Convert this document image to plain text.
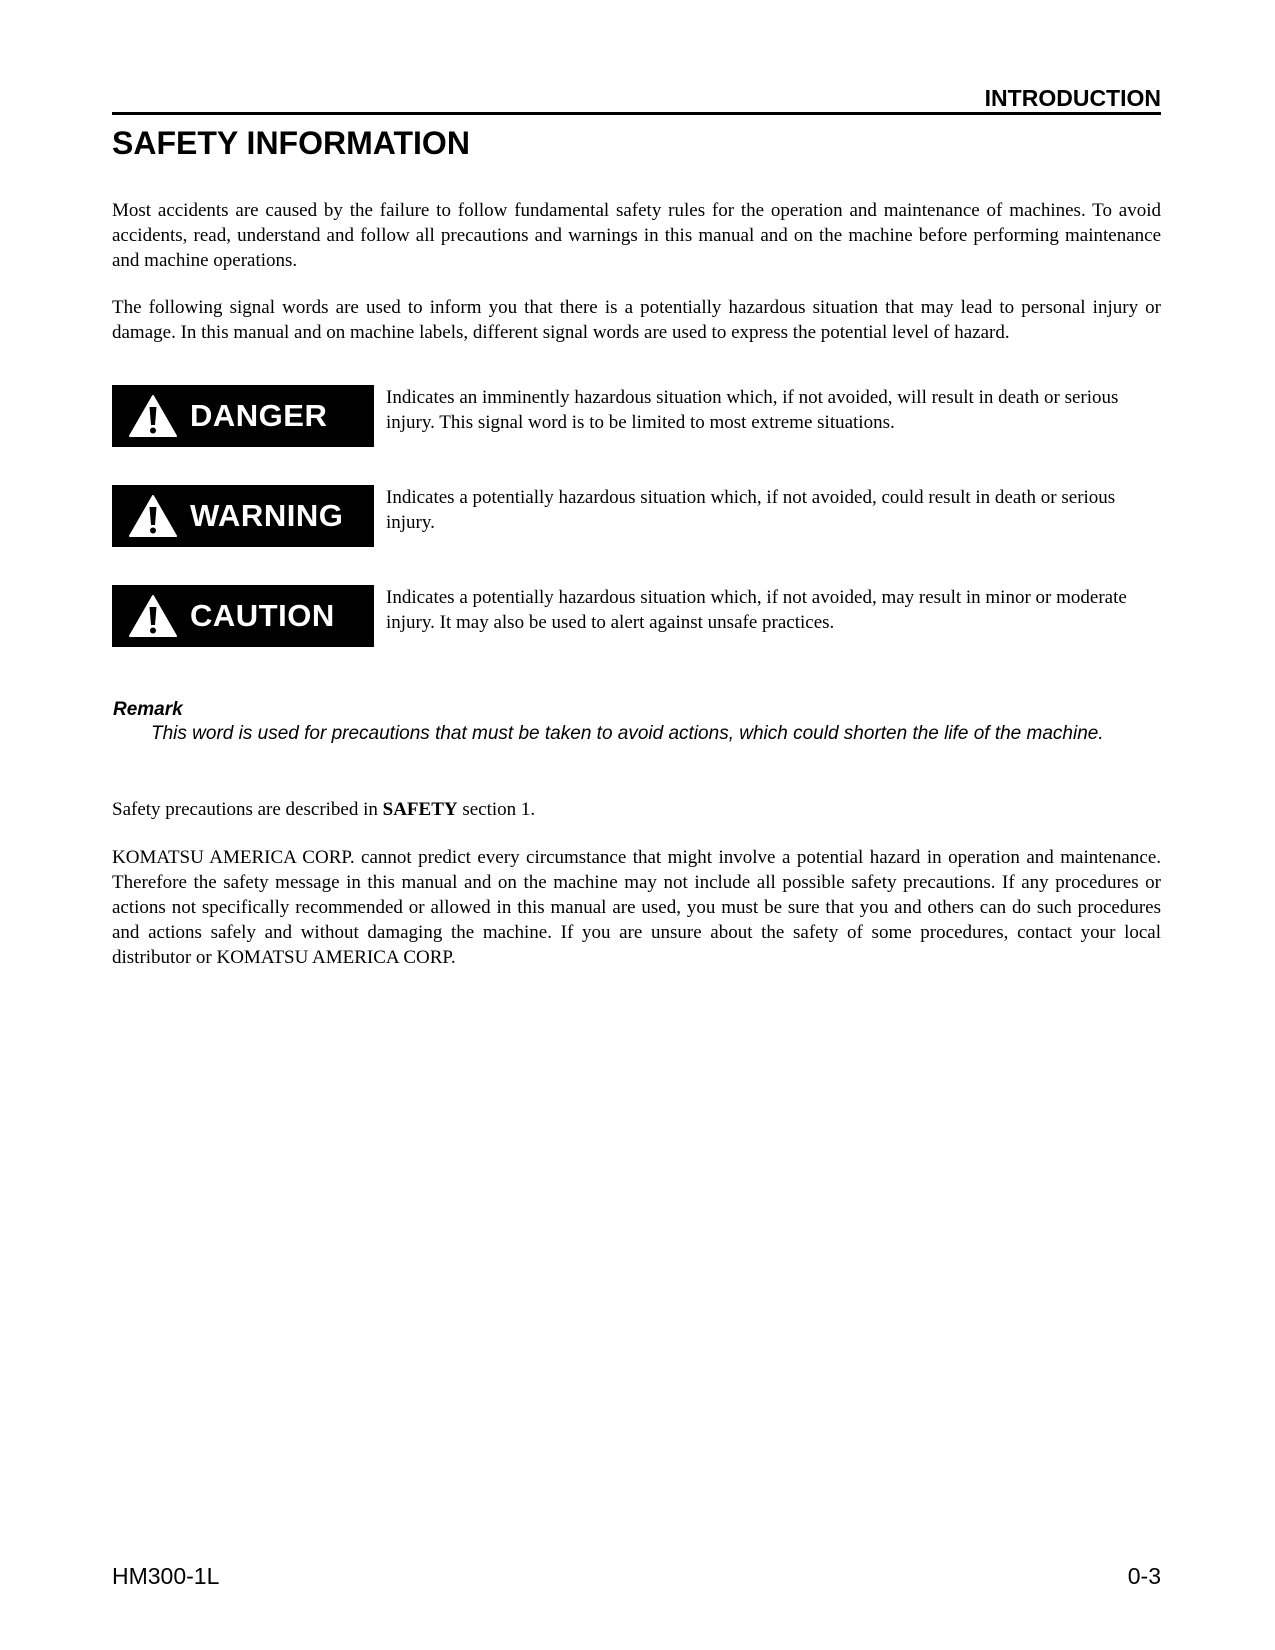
INTRODUCTION
SAFETY INFORMATION

Most accidents are caused by the failure to follow fundamental safety rules for the operation and maintenance of machines. To avoid accidents, read, understand and follow all precautions and warnings in this manual and on the machine before performing maintenance and machine operations.

The following signal words are used to inform you that there is a potentially hazardous situation that may lead to personal injury or damage. In this manual and on machine labels, different signal words are used to express the potential level of hazard.

DANGER

Indicates an imminently hazardous situation which, if not avoided, will result in death or serious injury. This signal word is to be limited to most extreme situations.

WARNING

Indicates a potentially hazardous situation which, if not avoided, could result in death or serious injury.

CAUTION

Indicates a potentially hazardous situation which, if not avoided, may result in minor or moderate injury. It may also be used to alert against unsafe practices.

Remark

This word is used for precautions that must be taken to avoid actions, which could shorten the life of the machine.

Safety precautions are described in SAFETY section 1.

KOMATSU AMERICA CORP. cannot predict every circumstance that might involve a potential hazard in operation and maintenance. Therefore the safety message in this manual and on the machine may not include all possible safety precautions. If any procedures or actions not specifically recommended or allowed in this manual are used, you must be sure that you and others can do such procedures and actions safely and without damaging the machine. If you are unsure about the safety of some procedures, contact your local distributor or KOMATSU AMERICA CORP.

HM300-1L	0-3
